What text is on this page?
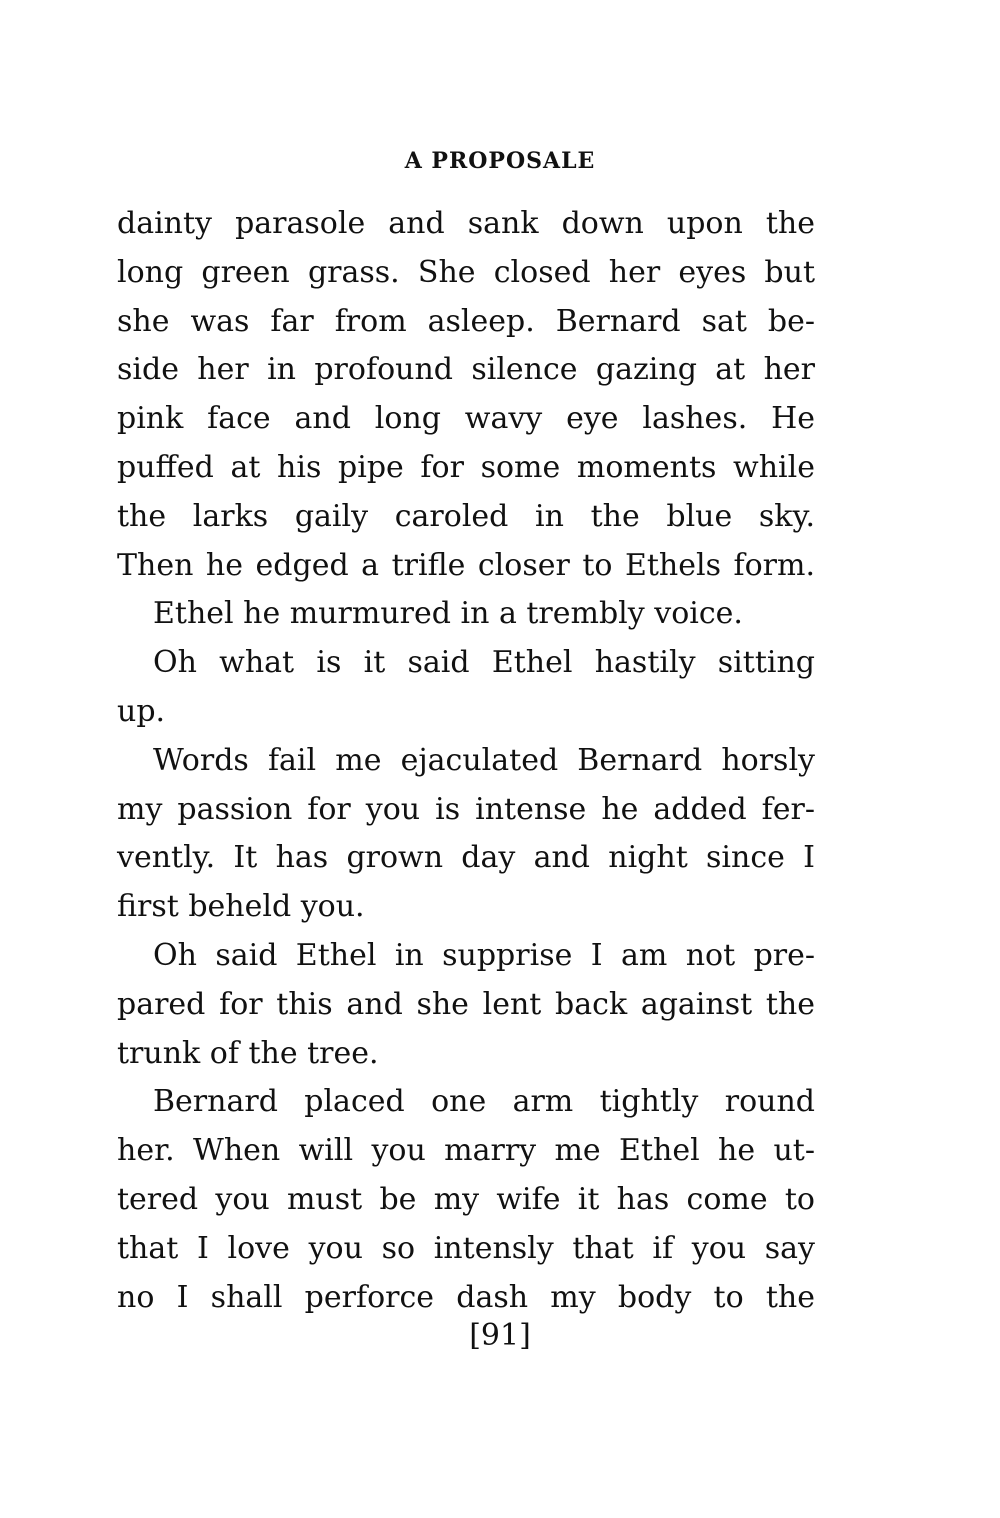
A PROPOSALE
dainty parasole and sank down upon the
long green grass. She closed her eyes but
she was far from asleep. Bernard sat be-
side her in profound silence gazing at her
pink face and long wavy eye lashes. He
puffed at his pipe for some moments while
the larks gaily caroled in the blue sky.
Then he edged a trifle closer to Ethels form.
Ethel he murmured in a trembly voice.
Oh what is it said Ethel hastily sitting
up.
Words fail me ejaculated Bernard horsly
my passion for you is intense he added fer-
vently. It has grown day and night since I
first beheld you.
Oh said Ethel in supprise I am not pre-
pared for this and she lent back against the
trunk of the tree.
Bernard placed one arm tightly round
her. When will you marry me Ethel he ut-
tered you must be my wife it has come to
that I love you so intensly that if you say
no I shall perforce dash my body to the
[91]
